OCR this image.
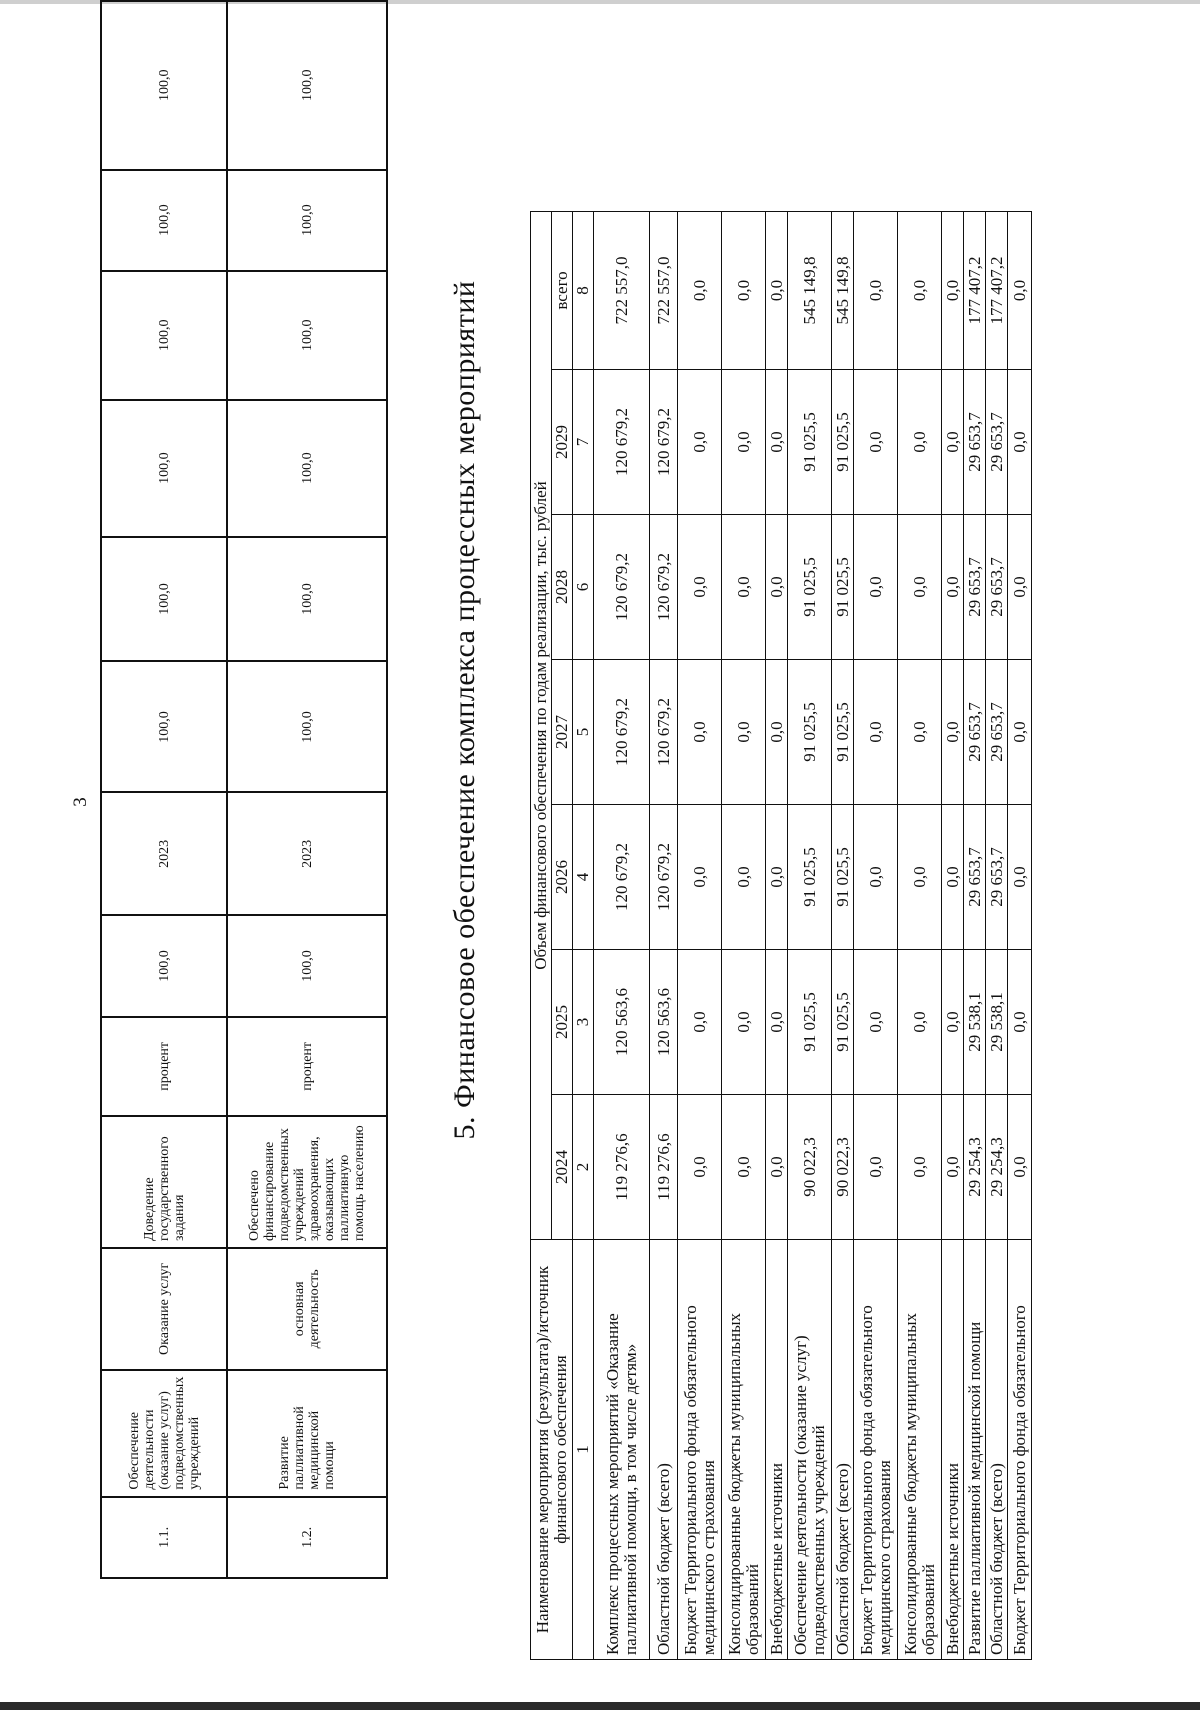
3
1.1.	Обеспечение деятельности (оказание услуг) подведомственных учреждений	Оказание услуг	Доведение государственного задания	процент	100,0	2023	100,0	100,0	100,0	100,0	100,0	100,0
1.2.	Развитие паллиативной медицинской помощи	основная деятельность	Обеспечено финансирование подведомственных учреждений здравоохранения, оказывающих паллиативную помощь населению	процент	100,0	2023	100,0	100,0	100,0	100,0	100,0	100,0
5. Финансовое обеспечение комплекса процессных мероприятий
Наименование мероприятия (результата)/источник финансового обеспечения	Объем финансового обеспечения по годам реализации, тыс. рублей						
	2024	2025	2026	2027	2028	2029	всего
1	2	3	4	5	6	7	8
Комплекс процессных мероприятий «Оказание паллиативной помощи, в том числе детям»	119 276,6	120 563,6	120 679,2	120 679,2	120 679,2	120 679,2	722 557,0
Областной бюджет (всего)	119 276,6	120 563,6	120 679,2	120 679,2	120 679,2	120 679,2	722 557,0
Бюджет Территориального фонда обязательного медицинского страхования	0,0	0,0	0,0	0,0	0,0	0,0	0,0
Консолидированные бюджеты муниципальных образований	0,0	0,0	0,0	0,0	0,0	0,0	0,0
Внебюджетные источники	0,0	0,0	0,0	0,0	0,0	0,0	0,0
Обеспечение деятельности (оказание услуг) подведомственных учреждений	90 022,3	91 025,5	91 025,5	91 025,5	91 025,5	91 025,5	545 149,8
Областной бюджет (всего)	90 022,3	91 025,5	91 025,5	91 025,5	91 025,5	91 025,5	545 149,8
Бюджет Территориального фонда обязательного медицинского страхования	0,0	0,0	0,0	0,0	0,0	0,0	0,0
Консолидированные бюджеты муниципальных образований	0,0	0,0	0,0	0,0	0,0	0,0	0,0
Внебюджетные источники	0,0	0,0	0,0	0,0	0,0	0,0	0,0
Развитие паллиативной медицинской помощи	29 254,3	29 538,1	29 653,7	29 653,7	29 653,7	29 653,7	177 407,2
Областной бюджет (всего)	29 254,3	29 538,1	29 653,7	29 653,7	29 653,7	29 653,7	177 407,2
Бюджет Территориального фонда обязательного	0,0	0,0	0,0	0,0	0,0	0,0	0,0
